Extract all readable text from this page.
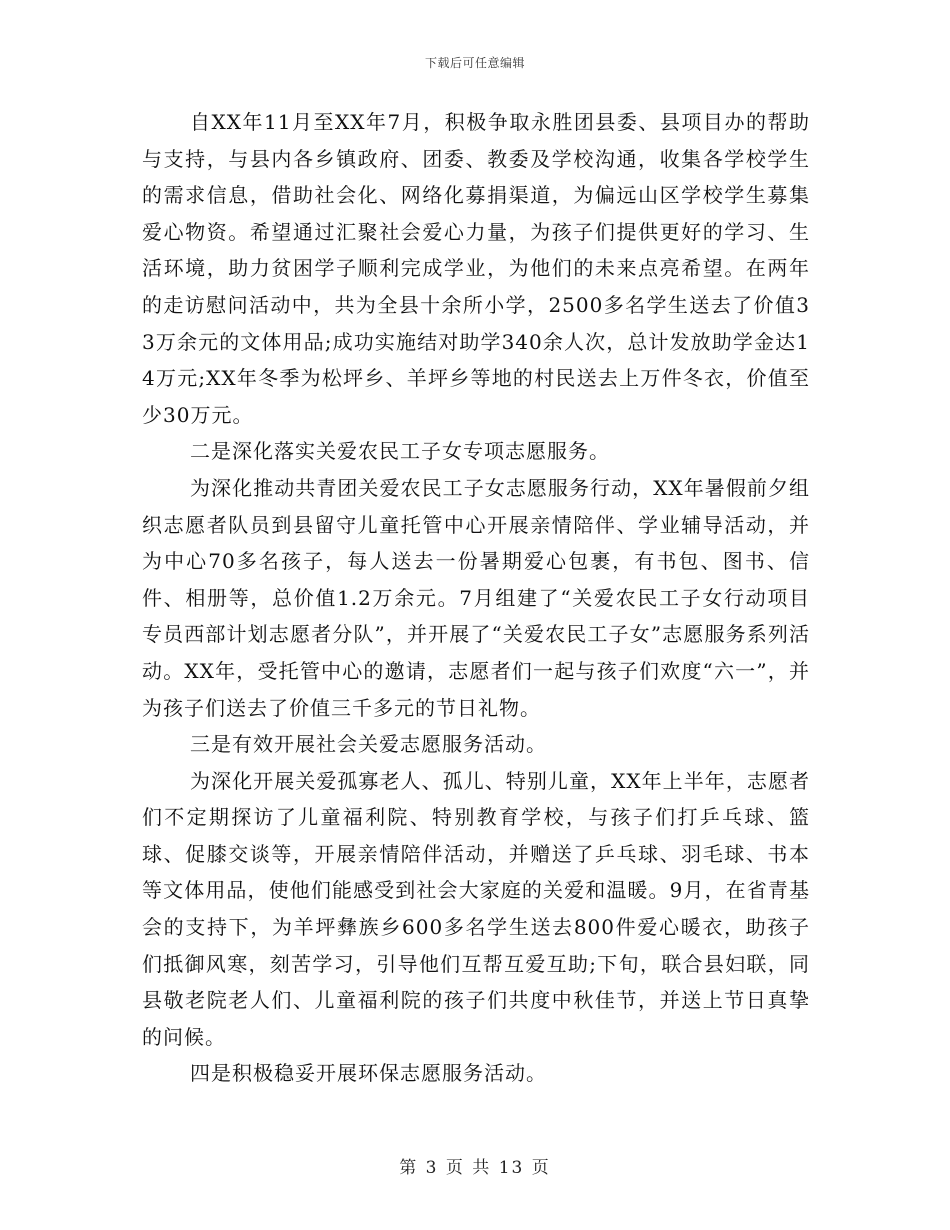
下载后可任意编辑

自XX年11月至XX年7月，积极争取永胜团县委、县项目办的帮助与支持，与县内各乡镇政府、团委、教委及学校沟通，收集各学校学生的需求信息，借助社会化、网络化募捐渠道，为偏远山区学校学生募集爱心物资。希望通过汇聚社会爱心力量，为孩子们提供更好的学习、生活环境，助力贫困学子顺利完成学业，为他们的未来点亮希望。在两年的走访慰问活动中，共为全县十余所小学，2500多名学生送去了价值33万余元的文体用品;成功实施结对助学340余人次，总计发放助学金达14万元;XX年冬季为松坪乡、羊坪乡等地的村民送去上万件冬衣，价值至少30万元。

二是深化落实关爱农民工子女专项志愿服务。

为深化推动共青团关爱农民工子女志愿服务行动，XX年暑假前夕组织志愿者队员到县留守儿童托管中心开展亲情陪伴、学业辅导活动，并为中心70多名孩子，每人送去一份暑期爱心包裹，有书包、图书、信件、相册等，总价值1.2万余元。7月组建了“关爱农民工子女行动项目专员西部计划志愿者分队”，并开展了“关爱农民工子女”志愿服务系列活动。XX年，受托管中心的邀请，志愿者们一起与孩子们欢度“六一”，并为孩子们送去了价值三千多元的节日礼物。

三是有效开展社会关爱志愿服务活动。

为深化开展关爱孤寡老人、孤儿、特别儿童，XX年上半年，志愿者们不定期探访了儿童福利院、特别教育学校，与孩子们打乒乓球、篮球、促膝交谈等，开展亲情陪伴活动，并赠送了乒乓球、羽毛球、书本等文体用品，使他们能感受到社会大家庭的关爱和温暖。9月，在省青基会的支持下，为羊坪彝族乡600多名学生送去800件爱心暖衣，助孩子们抵御风寒，刻苦学习，引导他们互帮互爱互助;下旬，联合县妇联，同县敬老院老人们、儿童福利院的孩子们共度中秋佳节，并送上节日真挚的问候。

四是积极稳妥开展环保志愿服务活动。

第 3 页 共 13 页
